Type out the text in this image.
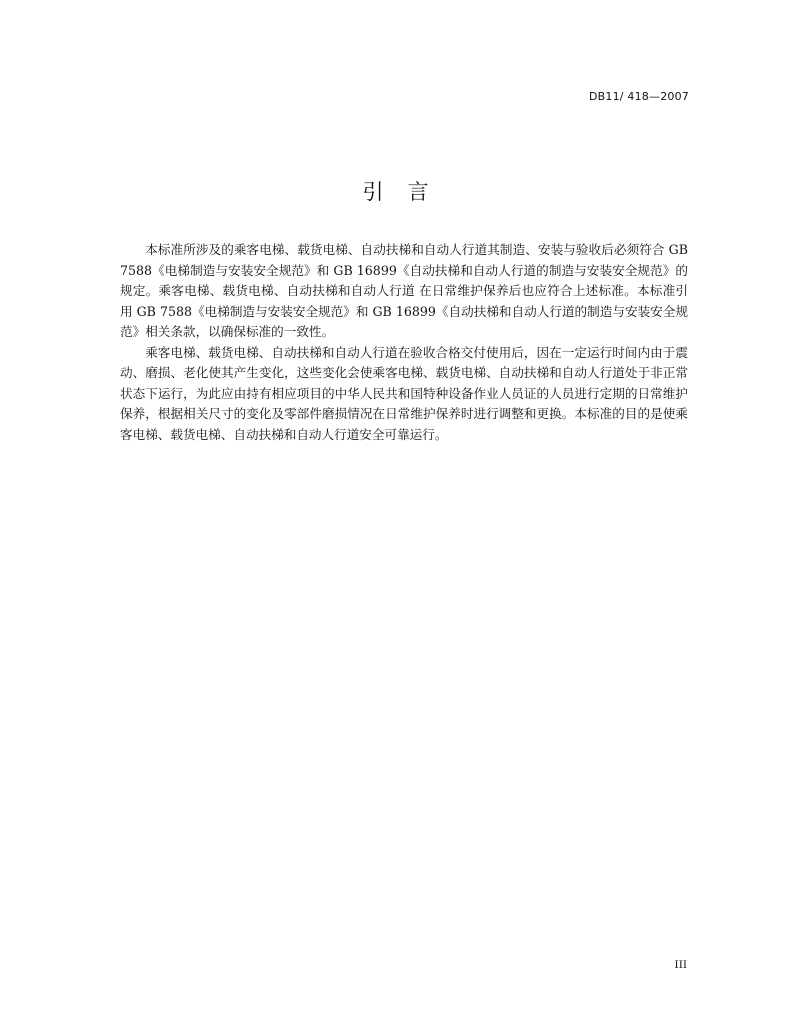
DB11/ 418—2007
引言

本标准所涉及的乘客电梯、载货电梯、自动扶梯和自动人行道其制造、安装与验收后必须符合 GB 7588《电梯制造与安装安全规范》和 GB 16899《自动扶梯和自动人行道的制造与安装安全规范》的规定。乘客电梯、载货电梯、自动扶梯和自动人行道 在日常维护保养后也应符合上述标准。本标准引用 GB 7588《电梯制造与安装安全规范》和 GB 16899《自动扶梯和自动人行道的制造与安装安全规范》相关条款，以确保标准的一致性。

乘客电梯、载货电梯、自动扶梯和自动人行道在验收合格交付使用后，因在一定运行时间内由于震动、磨损、老化使其产生变化，这些变化会使乘客电梯、载货电梯、自动扶梯和自动人行道处于非正常状态下运行，为此应由持有相应项目的中华人民共和国特种设备作业人员证的人员进行定期的日常维护保养，根据相关尺寸的变化及零部件磨损情况在日常维护保养时进行调整和更换。本标准的目的是使乘客电梯、载货电梯、自动扶梯和自动人行道安全可靠运行。

III
